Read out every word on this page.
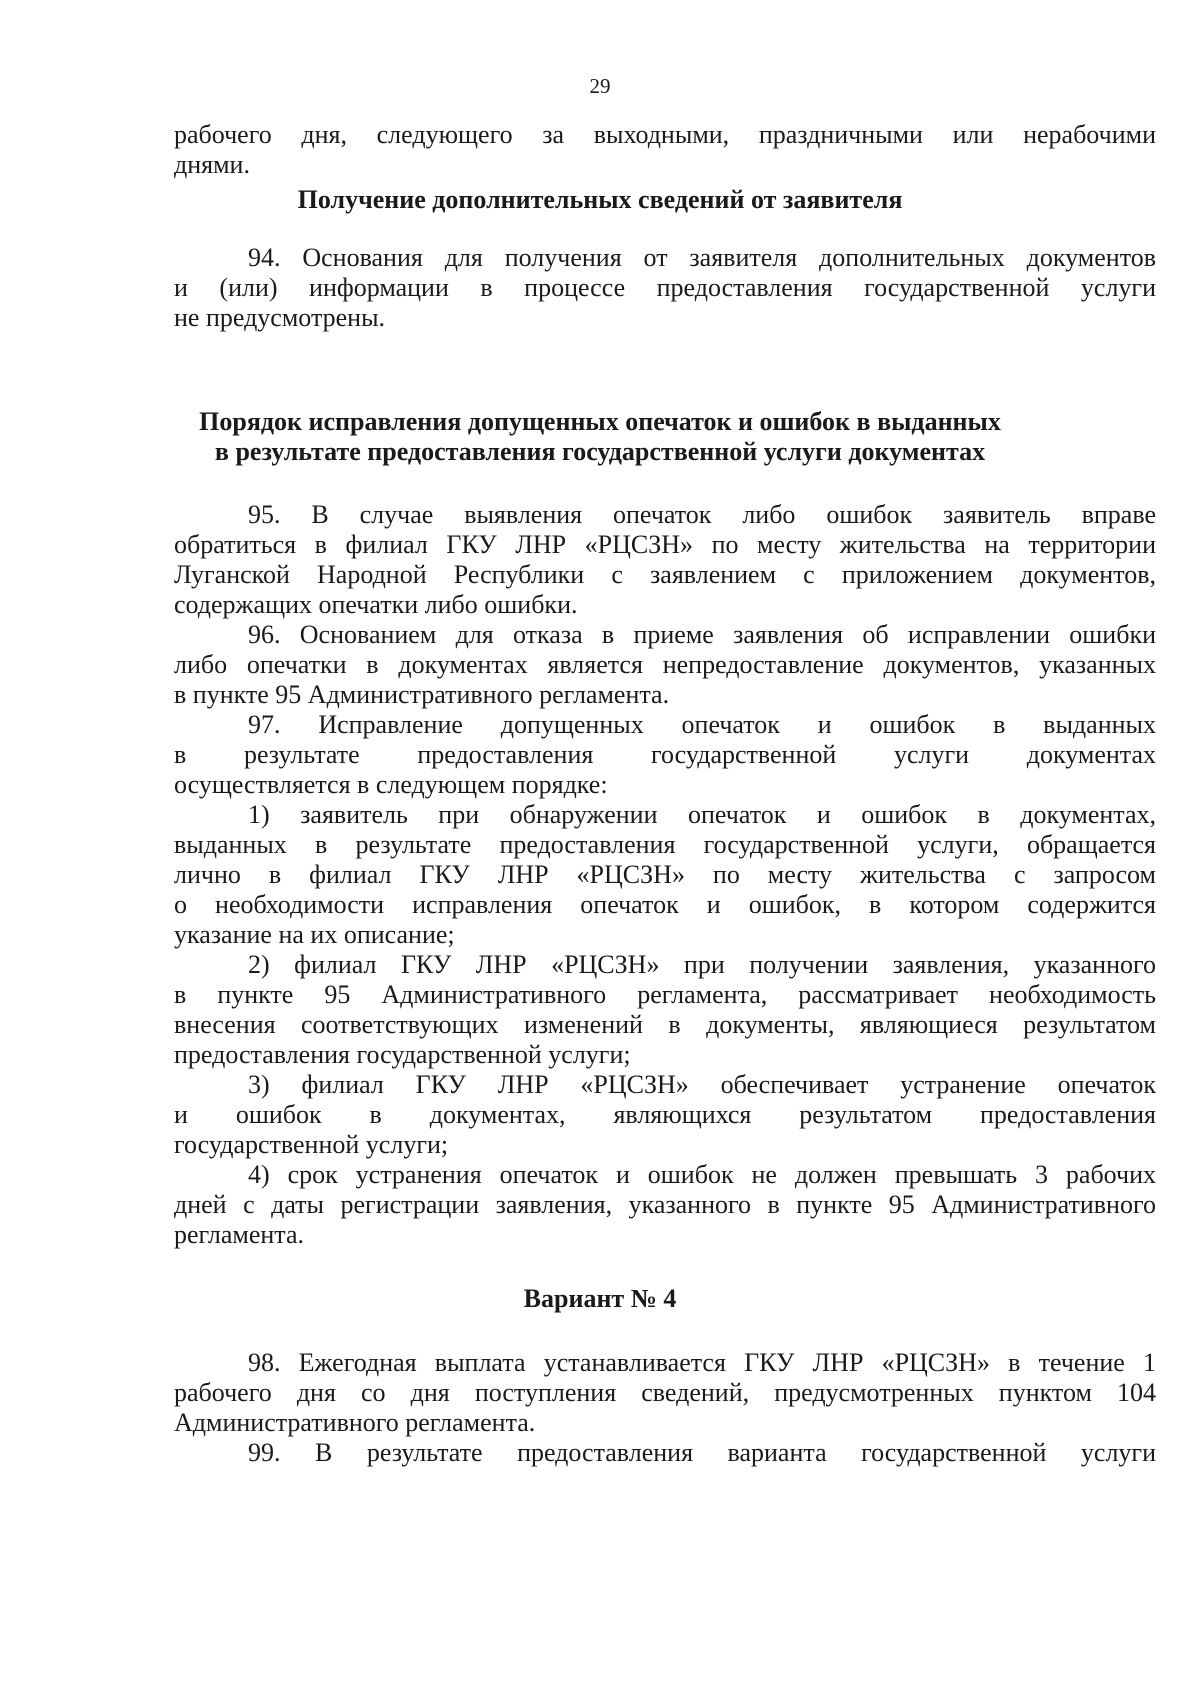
29
рабочего дня, следующего за выходными, праздничными или нерабочими
днями.
Получение дополнительных сведений от заявителя
94. Основания для получения от заявителя дополнительных документов
и (или) информации в процессе предоставления государственной услуги
не предусмотрены.
Порядок исправления допущенных опечаток и ошибок в выданных
в результате предоставления государственной услуги документах
95. В случае выявления опечаток либо ошибок заявитель вправе
обратиться в филиал ГКУ ЛНР «РЦСЗН» по месту жительства на территории
Луганской Народной Республики с заявлением с приложением документов,
содержащих опечатки либо ошибки.
96. Основанием для отказа в приеме заявления об исправлении ошибки
либо опечатки в документах является непредоставление документов, указанных
в пункте 95 Административного регламента.
97. Исправление допущенных опечаток и ошибок в выданных
в результате предоставления государственной услуги документах
осуществляется в следующем порядке:
1) заявитель при обнаружении опечаток и ошибок в документах,
выданных в результате предоставления государственной услуги, обращается
лично в филиал ГКУ ЛНР «РЦСЗН» по месту жительства с запросом
о необходимости исправления опечаток и ошибок, в котором содержится
указание на их описание;
2) филиал ГКУ ЛНР «РЦСЗН» при получении заявления, указанного
в пункте 95 Административного регламента, рассматривает необходимость
внесения соответствующих изменений в документы, являющиеся результатом
предоставления государственной услуги;
3) филиал ГКУ ЛНР «РЦСЗН» обеспечивает устранение опечаток
и ошибок в документах, являющихся результатом предоставления
государственной услуги;
4) срок устранения опечаток и ошибок не должен превышать 3 рабочих
дней с даты регистрации заявления, указанного в пункте 95 Административного
регламента.
Вариант № 4
98. Ежегодная выплата устанавливается ГКУ ЛНР «РЦСЗН» в течение 1
рабочего дня со дня поступления сведений, предусмотренных пунктом 104
Административного регламента.
99. В результате предоставления варианта государственной услуги
